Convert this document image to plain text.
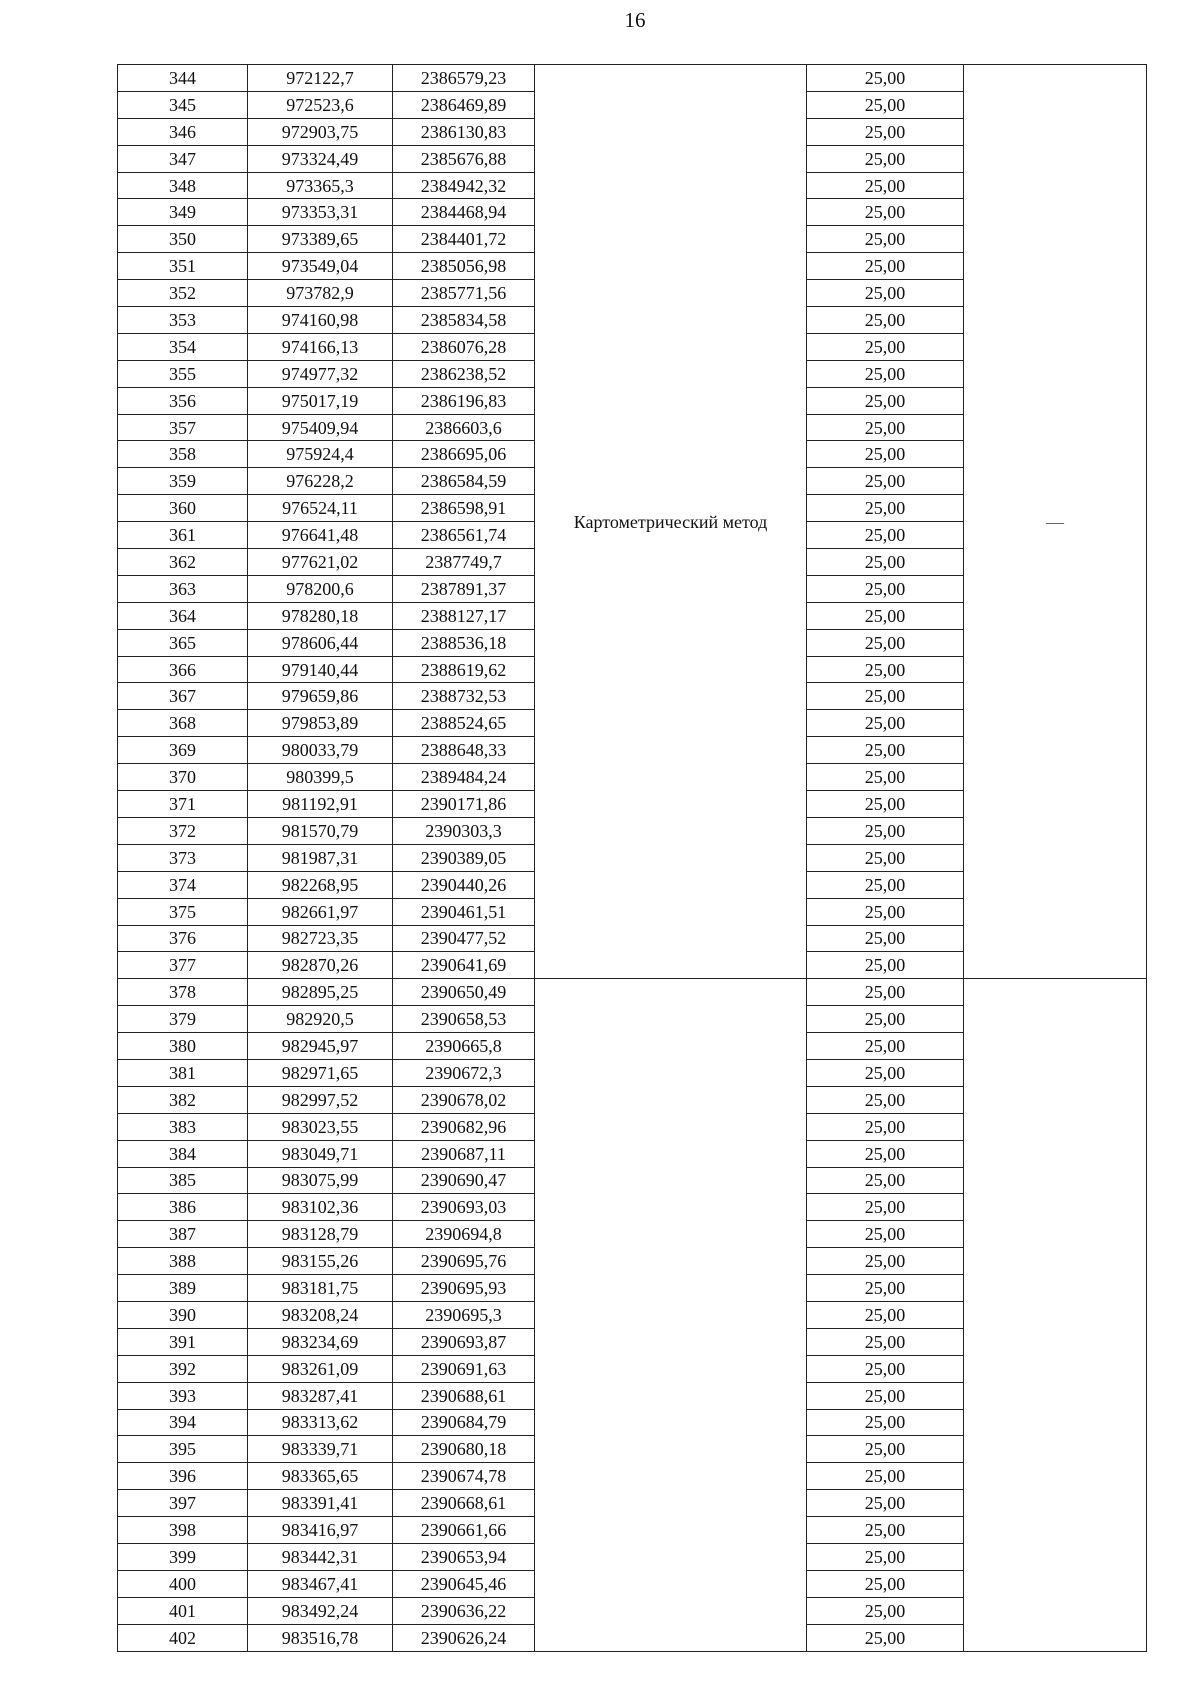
16
344	972122,7	2386579,23	Картометрический метод	25,00	—
345	972523,6	2386469,89		25,00	
346	972903,75	2386130,83		25,00	
347	973324,49	2385676,88		25,00	
348	973365,3	2384942,32		25,00	
349	973353,31	2384468,94		25,00	
350	973389,65	2384401,72		25,00	
351	973549,04	2385056,98		25,00	
352	973782,9	2385771,56		25,00	
353	974160,98	2385834,58		25,00	
354	974166,13	2386076,28		25,00	
355	974977,32	2386238,52		25,00	
356	975017,19	2386196,83		25,00	
357	975409,94	2386603,6		25,00	
358	975924,4	2386695,06		25,00	
359	976228,2	2386584,59		25,00	
360	976524,11	2386598,91		25,00	
361	976641,48	2386561,74		25,00	
362	977621,02	2387749,7		25,00	
363	978200,6	2387891,37		25,00	
364	978280,18	2388127,17		25,00	
365	978606,44	2388536,18		25,00	
366	979140,44	2388619,62		25,00	
367	979659,86	2388732,53		25,00	
368	979853,89	2388524,65		25,00	
369	980033,79	2388648,33		25,00	
370	980399,5	2389484,24		25,00	
371	981192,91	2390171,86		25,00	
372	981570,79	2390303,3		25,00	
373	981987,31	2390389,05		25,00	
374	982268,95	2390440,26		25,00	
375	982661,97	2390461,51		25,00	
376	982723,35	2390477,52		25,00	
377	982870,26	2390641,69		25,00	
378	982895,25	2390650,49		25,00	
379	982920,5	2390658,53		25,00	
380	982945,97	2390665,8		25,00	
381	982971,65	2390672,3		25,00	
382	982997,52	2390678,02		25,00	
383	983023,55	2390682,96		25,00	
384	983049,71	2390687,11		25,00	
385	983075,99	2390690,47		25,00	
386	983102,36	2390693,03		25,00	
387	983128,79	2390694,8		25,00	
388	983155,26	2390695,76		25,00	
389	983181,75	2390695,93		25,00	
390	983208,24	2390695,3		25,00	
391	983234,69	2390693,87		25,00	
392	983261,09	2390691,63		25,00	
393	983287,41	2390688,61		25,00	
394	983313,62	2390684,79		25,00	
395	983339,71	2390680,18		25,00	
396	983365,65	2390674,78		25,00	
397	983391,41	2390668,61		25,00	
398	983416,97	2390661,66		25,00	
399	983442,31	2390653,94		25,00	
400	983467,41	2390645,46		25,00	
401	983492,24	2390636,22		25,00	
402	983516,78	2390626,24		25,00	
